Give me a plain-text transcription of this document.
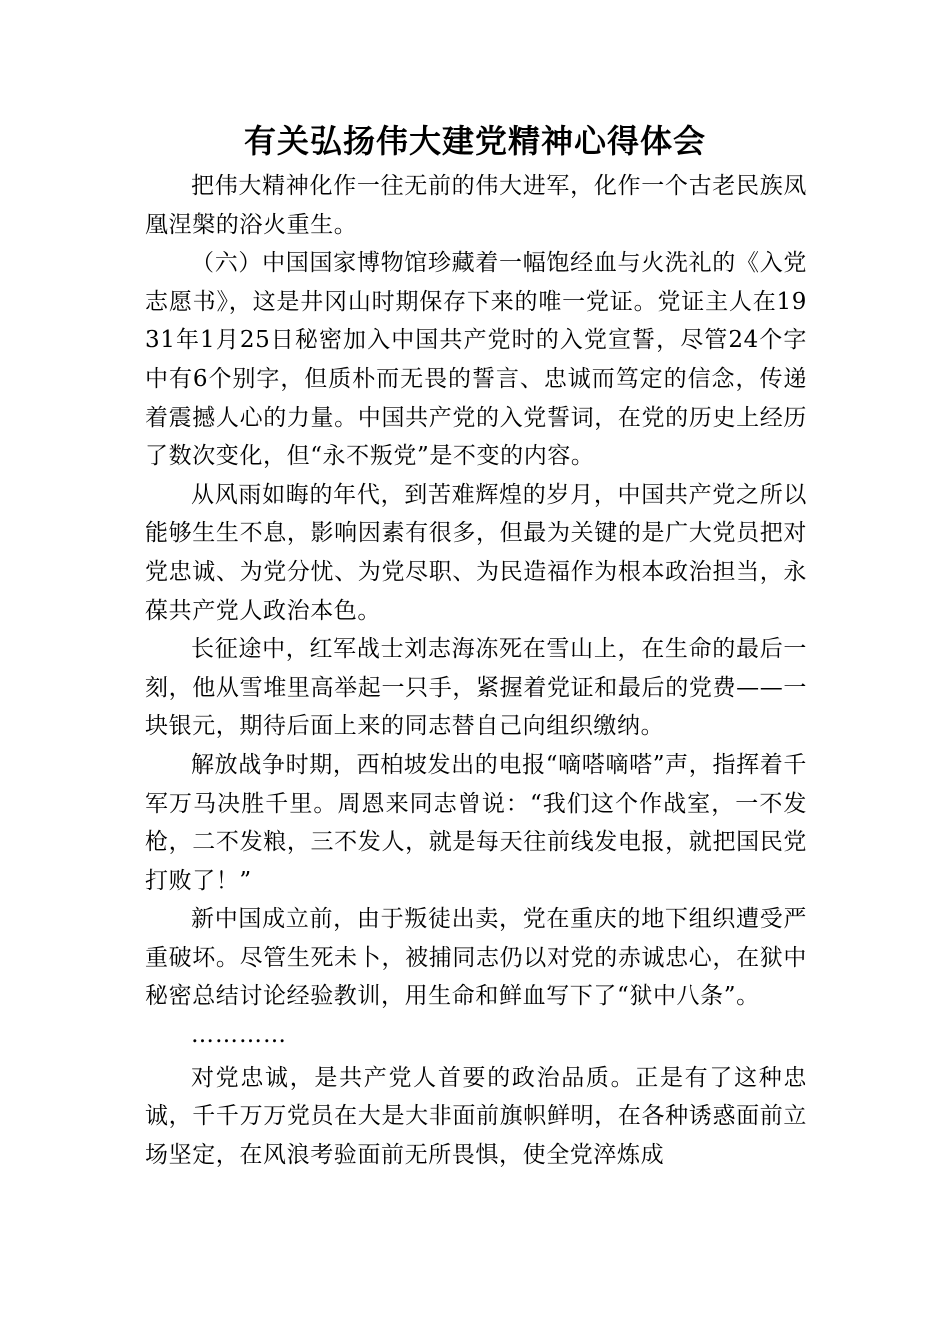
有关弘扬伟大建党精神心得体会

把伟大精神化作一往无前的伟大进军，化作一个古老民族凤凰涅槃的浴火重生。

（六）中国国家博物馆珍藏着一幅饱经血与火洗礼的《入党志愿书》，这是井冈山时期保存下来的唯一党证。党证主人在1931年1月25日秘密加入中国共产党时的入党宣誓，尽管24个字中有6个别字，但质朴而无畏的誓言、忠诚而笃定的信念，传递着震撼人心的力量。中国共产党的入党誓词，在党的历史上经历了数次变化，但“永不叛党”是不变的内容。

从风雨如晦的年代，到苦难辉煌的岁月，中国共产党之所以能够生生不息，影响因素有很多，但最为关键的是广大党员把对党忠诚、为党分忧、为党尽职、为民造福作为根本政治担当，永葆共产党人政治本色。

长征途中，红军战士刘志海冻死在雪山上，在生命的最后一刻，他从雪堆里高举起一只手，紧握着党证和最后的党费——一块银元，期待后面上来的同志替自己向组织缴纳。

解放战争时期，西柏坡发出的电报“嘀嗒嘀嗒”声，指挥着千军万马决胜千里。周恩来同志曾说：“我们这个作战室，一不发枪，二不发粮，三不发人，就是每天往前线发电报，就把国民党打败了！”

新中国成立前，由于叛徒出卖，党在重庆的地下组织遭受严重破坏。尽管生死未卜，被捕同志仍以对党的赤诚忠心，在狱中秘密总结讨论经验教训，用生命和鲜血写下了“狱中八条”。

…………

对党忠诚，是共产党人首要的政治品质。正是有了这种忠诚，千千万万党员在大是大非面前旗帜鲜明，在各种诱惑面前立场坚定，在风浪考验面前无所畏惧，使全党淬炼成
